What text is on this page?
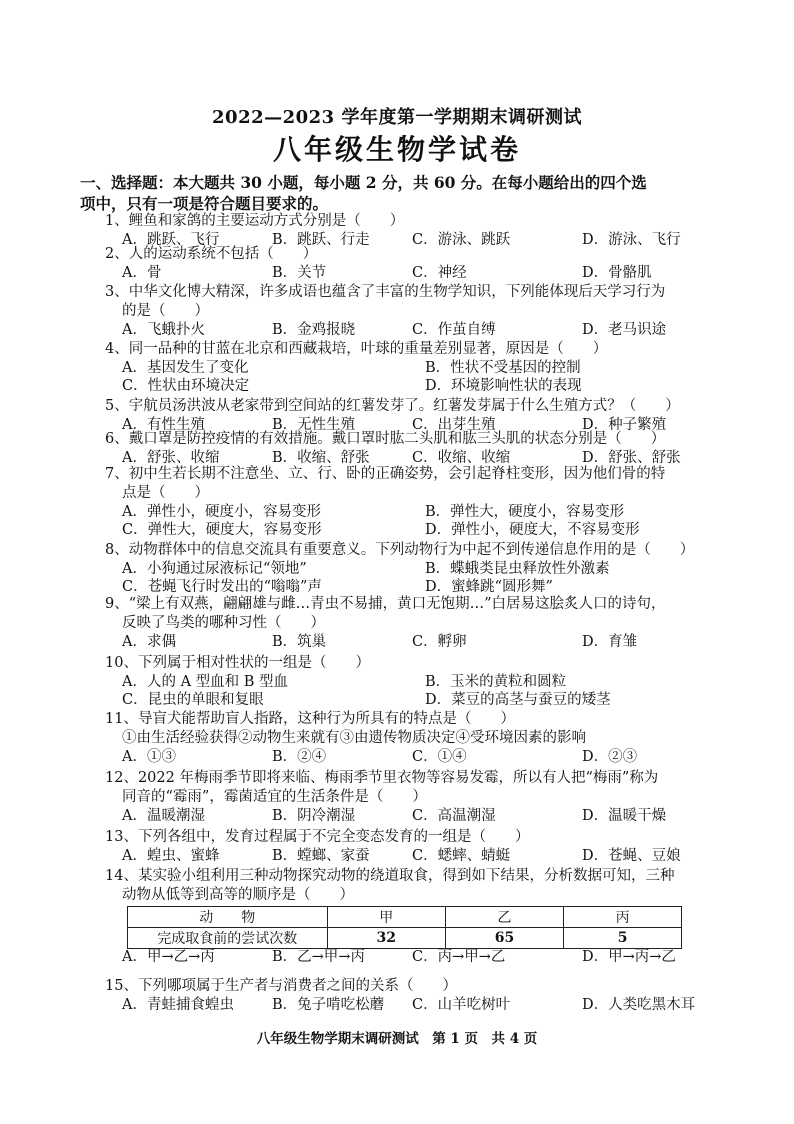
2022—2023 学年度第一学期期末调研测试
八年级生物学试卷
一、选择题：本大题共 30 小题，每小题 2 分，共 60 分。在每小题给出的四个选
项中，只有一项是符合题目要求的。
1、鲤鱼和家鸽的主要运动方式分别是（　　）
A．跳跃、飞行	B．跳跃、行走	C．游泳、跳跃	D．游泳、飞行
2、人的运动系统不包括（　　）
A．骨	B．关节	C．神经	D．骨骼肌
3、中华文化博大精深，许多成语也蕴含了丰富的生物学知识，下列能体现后天学习行为
的是（　　）
A．飞蛾扑火	B．金鸡报晓	C．作茧自缚	D．老马识途
4、同一品种的甘蓝在北京和西藏栽培，叶球的重量差别显著，原因是（　　）
A．基因发生了变化	B．性状不受基因的控制
C．性状由环境决定	D．环境影响性状的表现
5、宇航员汤洪波从老家带到空间站的红薯发芽了。红薯发芽属于什么生殖方式？（　　）
A．有性生殖	B．无性生殖	C．出芽生殖	D．种子繁殖
6、戴口罩是防控疫情的有效措施。戴口罩时肱二头肌和肱三头肌的状态分别是（　　）
A．舒张、收缩	B．收缩、舒张	C．收缩、收缩	D．舒张、舒张
7、初中生若长期不注意坐、立、行、卧的正确姿势，会引起脊柱变形，因为他们骨的特
点是（　　）
A．弹性小，硬度小，容易变形	B．弹性大，硬度小，容易变形
C．弹性大，硬度大，容易变形	D．弹性小，硬度大，不容易变形
8、动物群体中的信息交流具有重要意义。下列动物行为中起不到传递信息作用的是（　　）
A．小狗通过尿液标记“领地”	B．蝶蛾类昆虫释放性外激素
C．苍蝇飞行时发出的“嗡嗡”声	D．蜜蜂跳“圆形舞”
9、“梁上有双燕，翩翩雄与雌…青虫不易捕，黄口无饱期…”白居易这脍炙人口的诗句，
反映了鸟类的哪种习性（　　）
A．求偶	B．筑巢	C．孵卵	D．育雏
10、下列属于相对性状的一组是（　　）
A．人的 A 型血和 B 型血	B．玉米的黄粒和圆粒
C．昆虫的单眼和复眼	D．菜豆的高茎与蚕豆的矮茎
11、导盲犬能帮助盲人指路，这种行为所具有的特点是（　　）
①由生活经验获得②动物生来就有③由遗传物质决定④受环境因素的影响
A．①③	B．②④	C．①④	D．②③
12、2022 年梅雨季节即将来临、梅雨季节里衣物等容易发霉，所以有人把“梅雨”称为
同音的“霉雨”，霉菌适宜的生活条件是（　　）
A．温暖潮湿	B．阴冷潮湿	C．高温潮湿	D．温暖干燥
13、下列各组中，发育过程属于不完全变态发育的一组是（　　）
A．蝗虫、蜜蜂	B．螳螂、家蚕	C．蟋蟀、蜻蜓	D．苍蝇、豆娘
14、某实验小组利用三种动物探究动物的绕道取食，得到如下结果，分析数据可知，三种
动物从低等到高等的顺序是（　　）
A．甲→乙→丙	B．乙→甲→丙	C．丙→甲→乙	D．甲→丙→乙
15、下列哪项属于生产者与消费者之间的关系（　　）
A．青蛙捕食蝗虫	B．兔子啃吃松蘑 C．山羊吃树叶	D．人类吃黑木耳
动　　物	甲	乙	丙
完成取食前的尝试次数	32	65	5
八年级生物学期末调研测试　第 1 页　共 4 页
